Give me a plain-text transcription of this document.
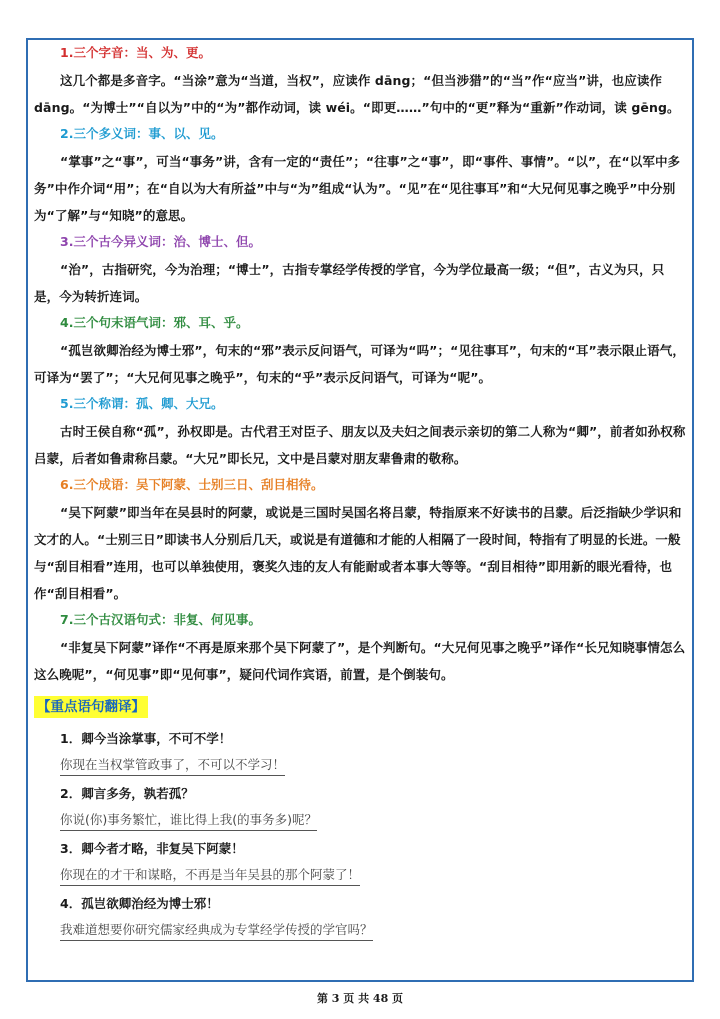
1.三个字音：当、为、更。

这几个都是多音字。“当涂”意为“当道，当权”，应读作 dāng；“但当涉猎”的“当”作“应当”讲，也应读作 dāng。“为博士”“自以为”中的“为”都作动词，读 wéi。“即更……”句中的“更”释为“重新”作动词，读 gēng。

2.三个多义词：事、以、见。

“掌事”之“事”，可当“事务”讲，含有一定的“责任”；“往事”之“事”，即“事件、事情”。“以”，在“以军中多务”中作介词“用”；在“自以为大有所益”中与“为”组成“认为”。“见”在“见往事耳”和“大兄何见事之晚乎”中分别为“了解”与“知晓”的意思。

3.三个古今异义词：治、博士、但。

“治”，古指研究，今为治理；“博士”，古指专掌经学传授的学官，今为学位最高一级；“但”，古义为只，只是，今为转折连词。

4.三个句末语气词：邪、耳、乎。

“孤岂欲卿治经为博士邪”，句末的“邪”表示反问语气，可译为“吗”；“见往事耳”，句末的“耳”表示限止语气，可译为“罢了”；“大兄何见事之晚乎”，句末的“乎”表示反问语气，可译为“呢”。

5.三个称谓：孤、卿、大兄。

古时王侯自称“孤”，孙权即是。古代君王对臣子、朋友以及夫妇之间表示亲切的第二人称为“卿”，前者如孙权称吕蒙，后者如鲁肃称吕蒙。“大兄”即长兄，文中是吕蒙对朋友辈鲁肃的敬称。

6.三个成语：吴下阿蒙、士别三日、刮目相待。

“吴下阿蒙”即当年在吴县时的阿蒙，或说是三国时吴国名将吕蒙，特指原来不好读书的吕蒙。后泛指缺少学识和文才的人。“士别三日”即读书人分别后几天，或说是有道德和才能的人相隔了一段时间，特指有了明显的长进。一般与“刮目相看”连用，也可以单独使用，褒奖久违的友人有能耐或者本事大等等。“刮目相待”即用新的眼光看待，也作“刮目相看”。

7.三个古汉语句式：非复、何见事。

“非复吴下阿蒙”译作“不再是原来那个吴下阿蒙了”，是个判断句。“大兄何见事之晚乎”译作“长兄知晓事情怎么这么晚呢”，“何见事”即“见何事”，疑问代词作宾语，前置，是个倒装句。

【重点语句翻译】
1．卿今当涂掌事，不可不学！
你现在当权掌管政事了，不可以不学习！
2．卿言多务，孰若孤？
你说(你)事务繁忙，谁比得上我(的事务多)呢？
3．卿今者才略，非复吴下阿蒙！
你现在的才干和谋略，不再是当年吴县的那个阿蒙了！
4．孤岂欲卿治经为博士邪！
我难道想要你研究儒家经典成为专掌经学传授的学官吗？
第 3 页 共 48 页
